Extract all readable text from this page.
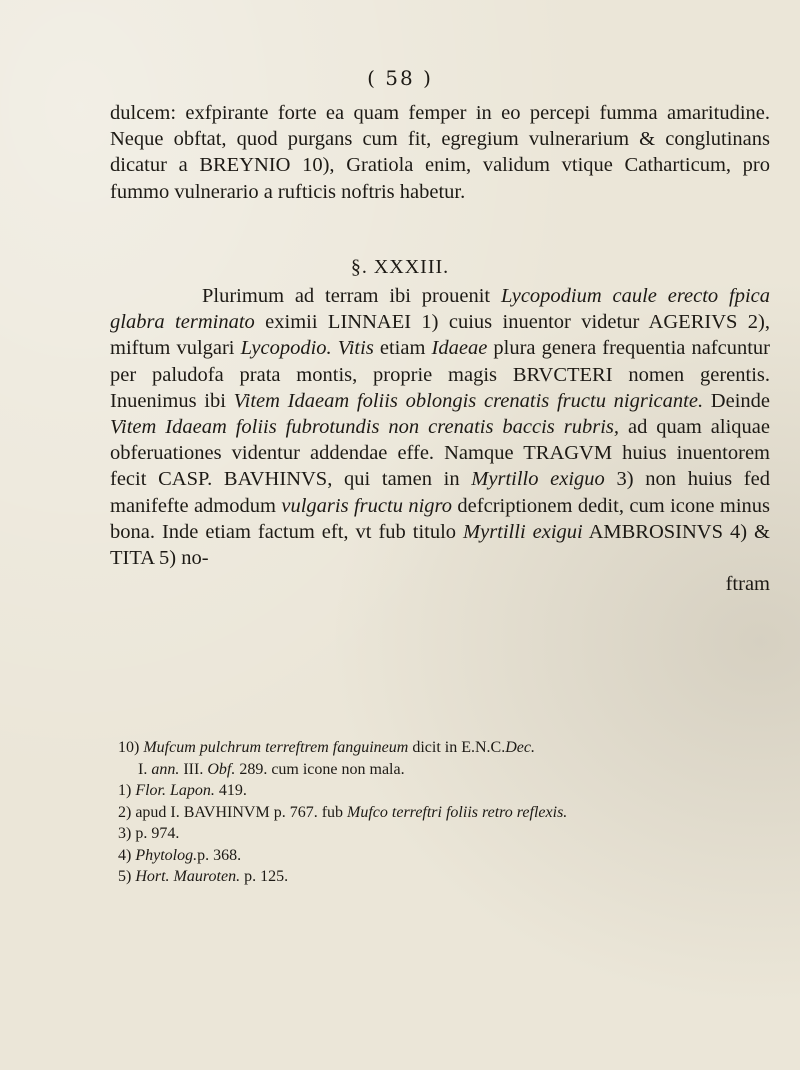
( 58 )

dulcem: exfpirante forte ea quam femper in eo percepi fumma amaritudine. Neque obftat, quod purgans cum fit, egregium vulnerarium & conglutinans dicatur a BREYNIO 10), Gratiola enim, validum vtique Catharticum, pro fummo vulnerario a rufticis noftris habetur.

§. XXXIII.

Plurimum ad terram ibi prouenit Lycopodium caule erecto fpica glabra terminato eximii LINNAEI 1) cuius inuentor videtur AGERIVS 2), miftum vulgari Lycopodio. Vitis etiam Idaeae plura genera frequentia nafcuntur per paludofa prata montis, proprie magis BRVCTERI nomen gerentis. Inuenimus ibi Vitem Idaeam foliis oblongis crenatis fructu nigricante. Deinde Vitem Idaeam foliis fubrotundis non crenatis baccis rubris, ad quam aliquae obferuationes videntur addendae effe. Namque TRAGVM huius inuentorem fecit CASP. BAVHINVS, qui tamen in Myrtillo exiguo 3) non huius fed manifefte admodum vulgaris fructu nigro defcriptionem dedit, cum icone minus bona. Inde etiam factum eft, vt fub titulo Myrtilli exigui AMBROSINVS 4) & TITA 5) no-
ftram

10) Mufcum pulchrum terreftrem fanguineum dicit in E.N.C.Dec.

I. ann. III. Obf. 289. cum icone non mala.

1) Flor. Lapon. 419.

2) apud I. BAVHINVM p. 767. fub Mufco terreftri foliis retro reflexis.

3) p. 974.

4) Phytolog.p. 368.

5) Hort. Mauroten. p. 125.
